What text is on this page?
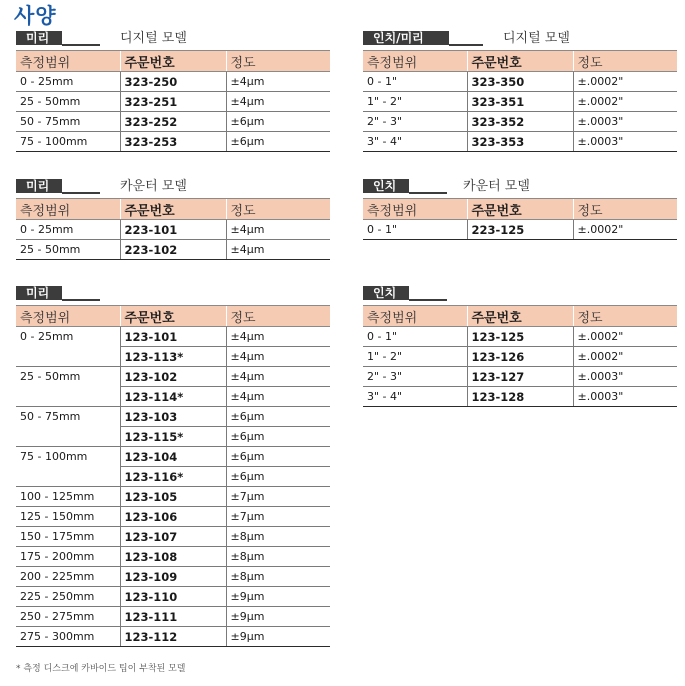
사양
미리	디지털 모델
측정범위	주문번호	정도
0 - 25mm	323-250	±4μm
25 - 50mm	323-251	±4μm
50 - 75mm	323-252	±6μm
75 - 100mm	323-253	±6μm
인치/미리	디지털 모델
측정범위	주문번호	정도
0 - 1"	323-350	±.0002"
1" - 2"	323-351	±.0002"
2" - 3"	323-352	±.0003"
3" - 4"	323-353	±.0003"
미리	카운터 모델
측정범위	주문번호	정도
0 - 25mm	223-101	±4μm
25 - 50mm	223-102	±4μm
인치	카운터 모델
측정범위	주문번호	정도
0 - 1"	223-125	±.0002"
미리
측정범위	주문번호	정도
0 - 25mm	123-101	±4μm
	123-113*	±4μm
25 - 50mm	123-102	±4μm
	123-114*	±4μm
50 - 75mm	123-103	±6μm
	123-115*	±6μm
75 - 100mm	123-104	±6μm
	123-116*	±6μm
100 - 125mm	123-105	±7μm
125 - 150mm	123-106	±7μm
150 - 175mm	123-107	±8μm
175 - 200mm	123-108	±8μm
200 - 225mm	123-109	±8μm
225 - 250mm	123-110	±9μm
250 - 275mm	123-111	±9μm
275 - 300mm	123-112	±9μm
인치
측정범위	주문번호	정도
0 - 1"	123-125	±.0002"
1" - 2"	123-126	±.0002"
2" - 3"	123-127	±.0003"
3" - 4"	123-128	±.0003"
* 측정 디스크에 카바이드 팁이 부착된 모델
